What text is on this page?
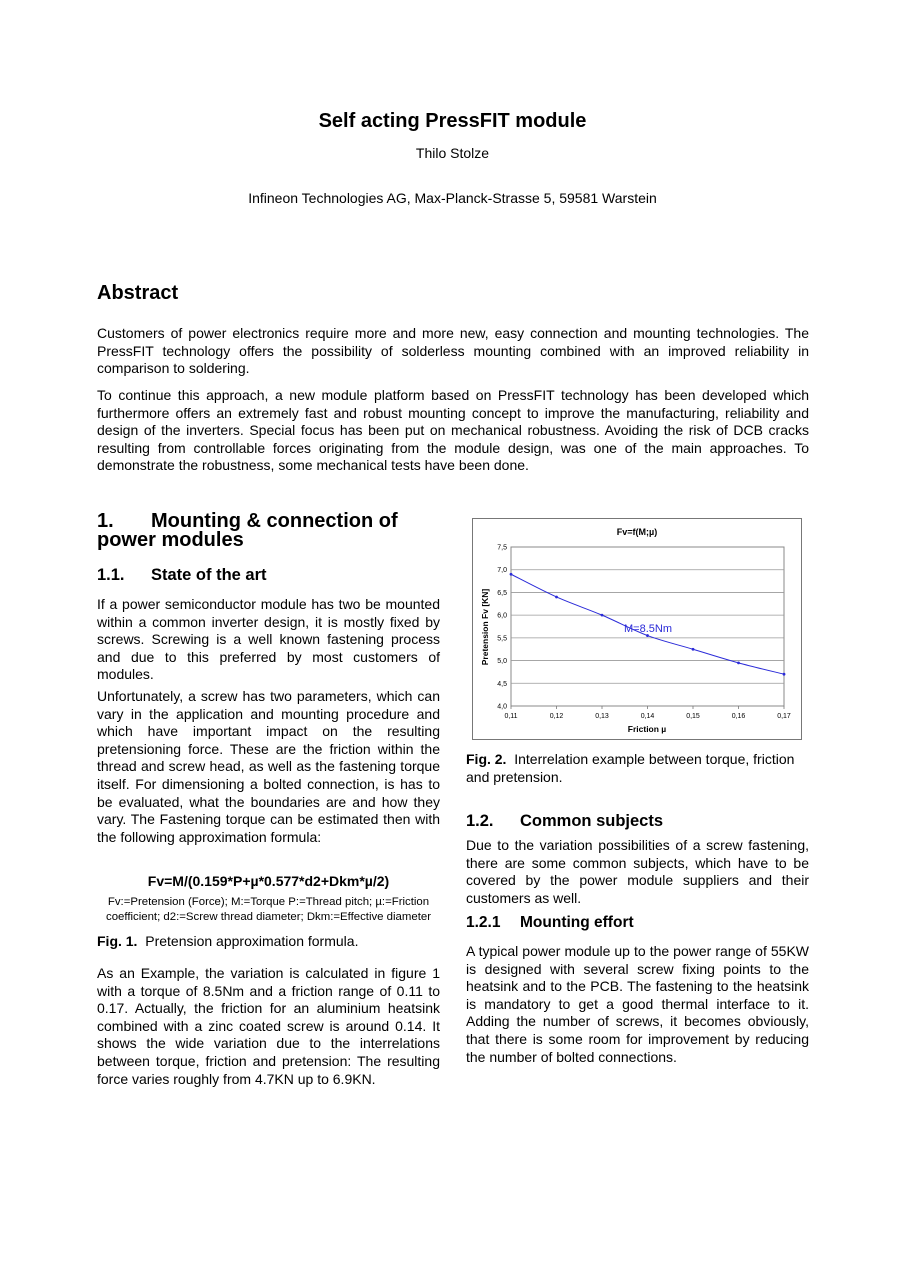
Self acting PressFIT module
Thilo Stolze
Infineon Technologies AG, Max-Planck-Strasse 5, 59581 Warstein
Abstract
Customers of power electronics require more and more new, easy connection and mounting technologies. The PressFIT technology offers the possibility of solderless mounting combined with an improved reliability in comparison to soldering.
To continue this approach, a new module platform based on PressFIT technology has been developed which furthermore offers an extremely fast and robust mounting concept to improve the manufacturing, reliability and design of the inverters. Special focus has been put on mechanical robustness. Avoiding the risk of DCB cracks resulting from controllable forces originating from the module design, was one of the main approaches. To demonstrate the robustness, some mechanical tests have been done.
1. Mounting & connection of
power modules
1.1. State of the art
If a power semiconductor module has two be mounted within a common inverter design, it is mostly fixed by screws. Screwing is a well known fastening process and due to this preferred by most customers of modules.
Unfortunately, a screw has two parameters, which can vary in the application and mounting procedure and which have important impact on the resulting pretensioning force. These are the friction within the thread and screw head, as well as the fastening torque itself. For dimensioning a bolted connection, is has to be evaluated, what the boundaries are and how they vary. The Fastening torque can be estimated then with the following approximation formula:
Fv=M/(0.159*P+µ*0.577*d2+Dkm*µ/2)
Fv:=Pretension (Force); M:=Torque P:=Thread pitch; µ:=Friction coefficient; d2:=Screw thread diameter; Dkm:=Effective diameter
Fig. 1. Pretension approximation formula.
As an Example, the variation is calculated in figure 1 with a torque of 8.5Nm and a friction range of 0.11 to 0.17. Actually, the friction for an aluminium heatsink combined with a zinc coated screw is around 0.14. It shows the wide variation due to the interrelations between torque, friction and pretension: The resulting force varies roughly from 4.7KN up to 6.9KN.
Fv=f(M;µ)
4,0
4,5
5,0
5,5
6,0
6,5
7,0
7,5
0,11	0,12	0,13	0,14	0,15	0,16	0,17
M=8.5Nm
Friction µ
Pretension Fv [KN]
Fig. 2. Interrelation example between torque, friction and pretension.
1.2. Common subjects
Due to the variation possibilities of a screw fastening, there are some common subjects, which have to be covered by the power module suppliers and their customers as well.
1.2.1 Mounting effort
A typical power module up to the power range of 55KW is designed with several screw fixing points to the heatsink and to the PCB. The fastening to the heatsink is mandatory to get a good thermal interface to it. Adding the number of screws, it becomes obviously, that there is some room for improvement by reducing the number of bolted connections.
